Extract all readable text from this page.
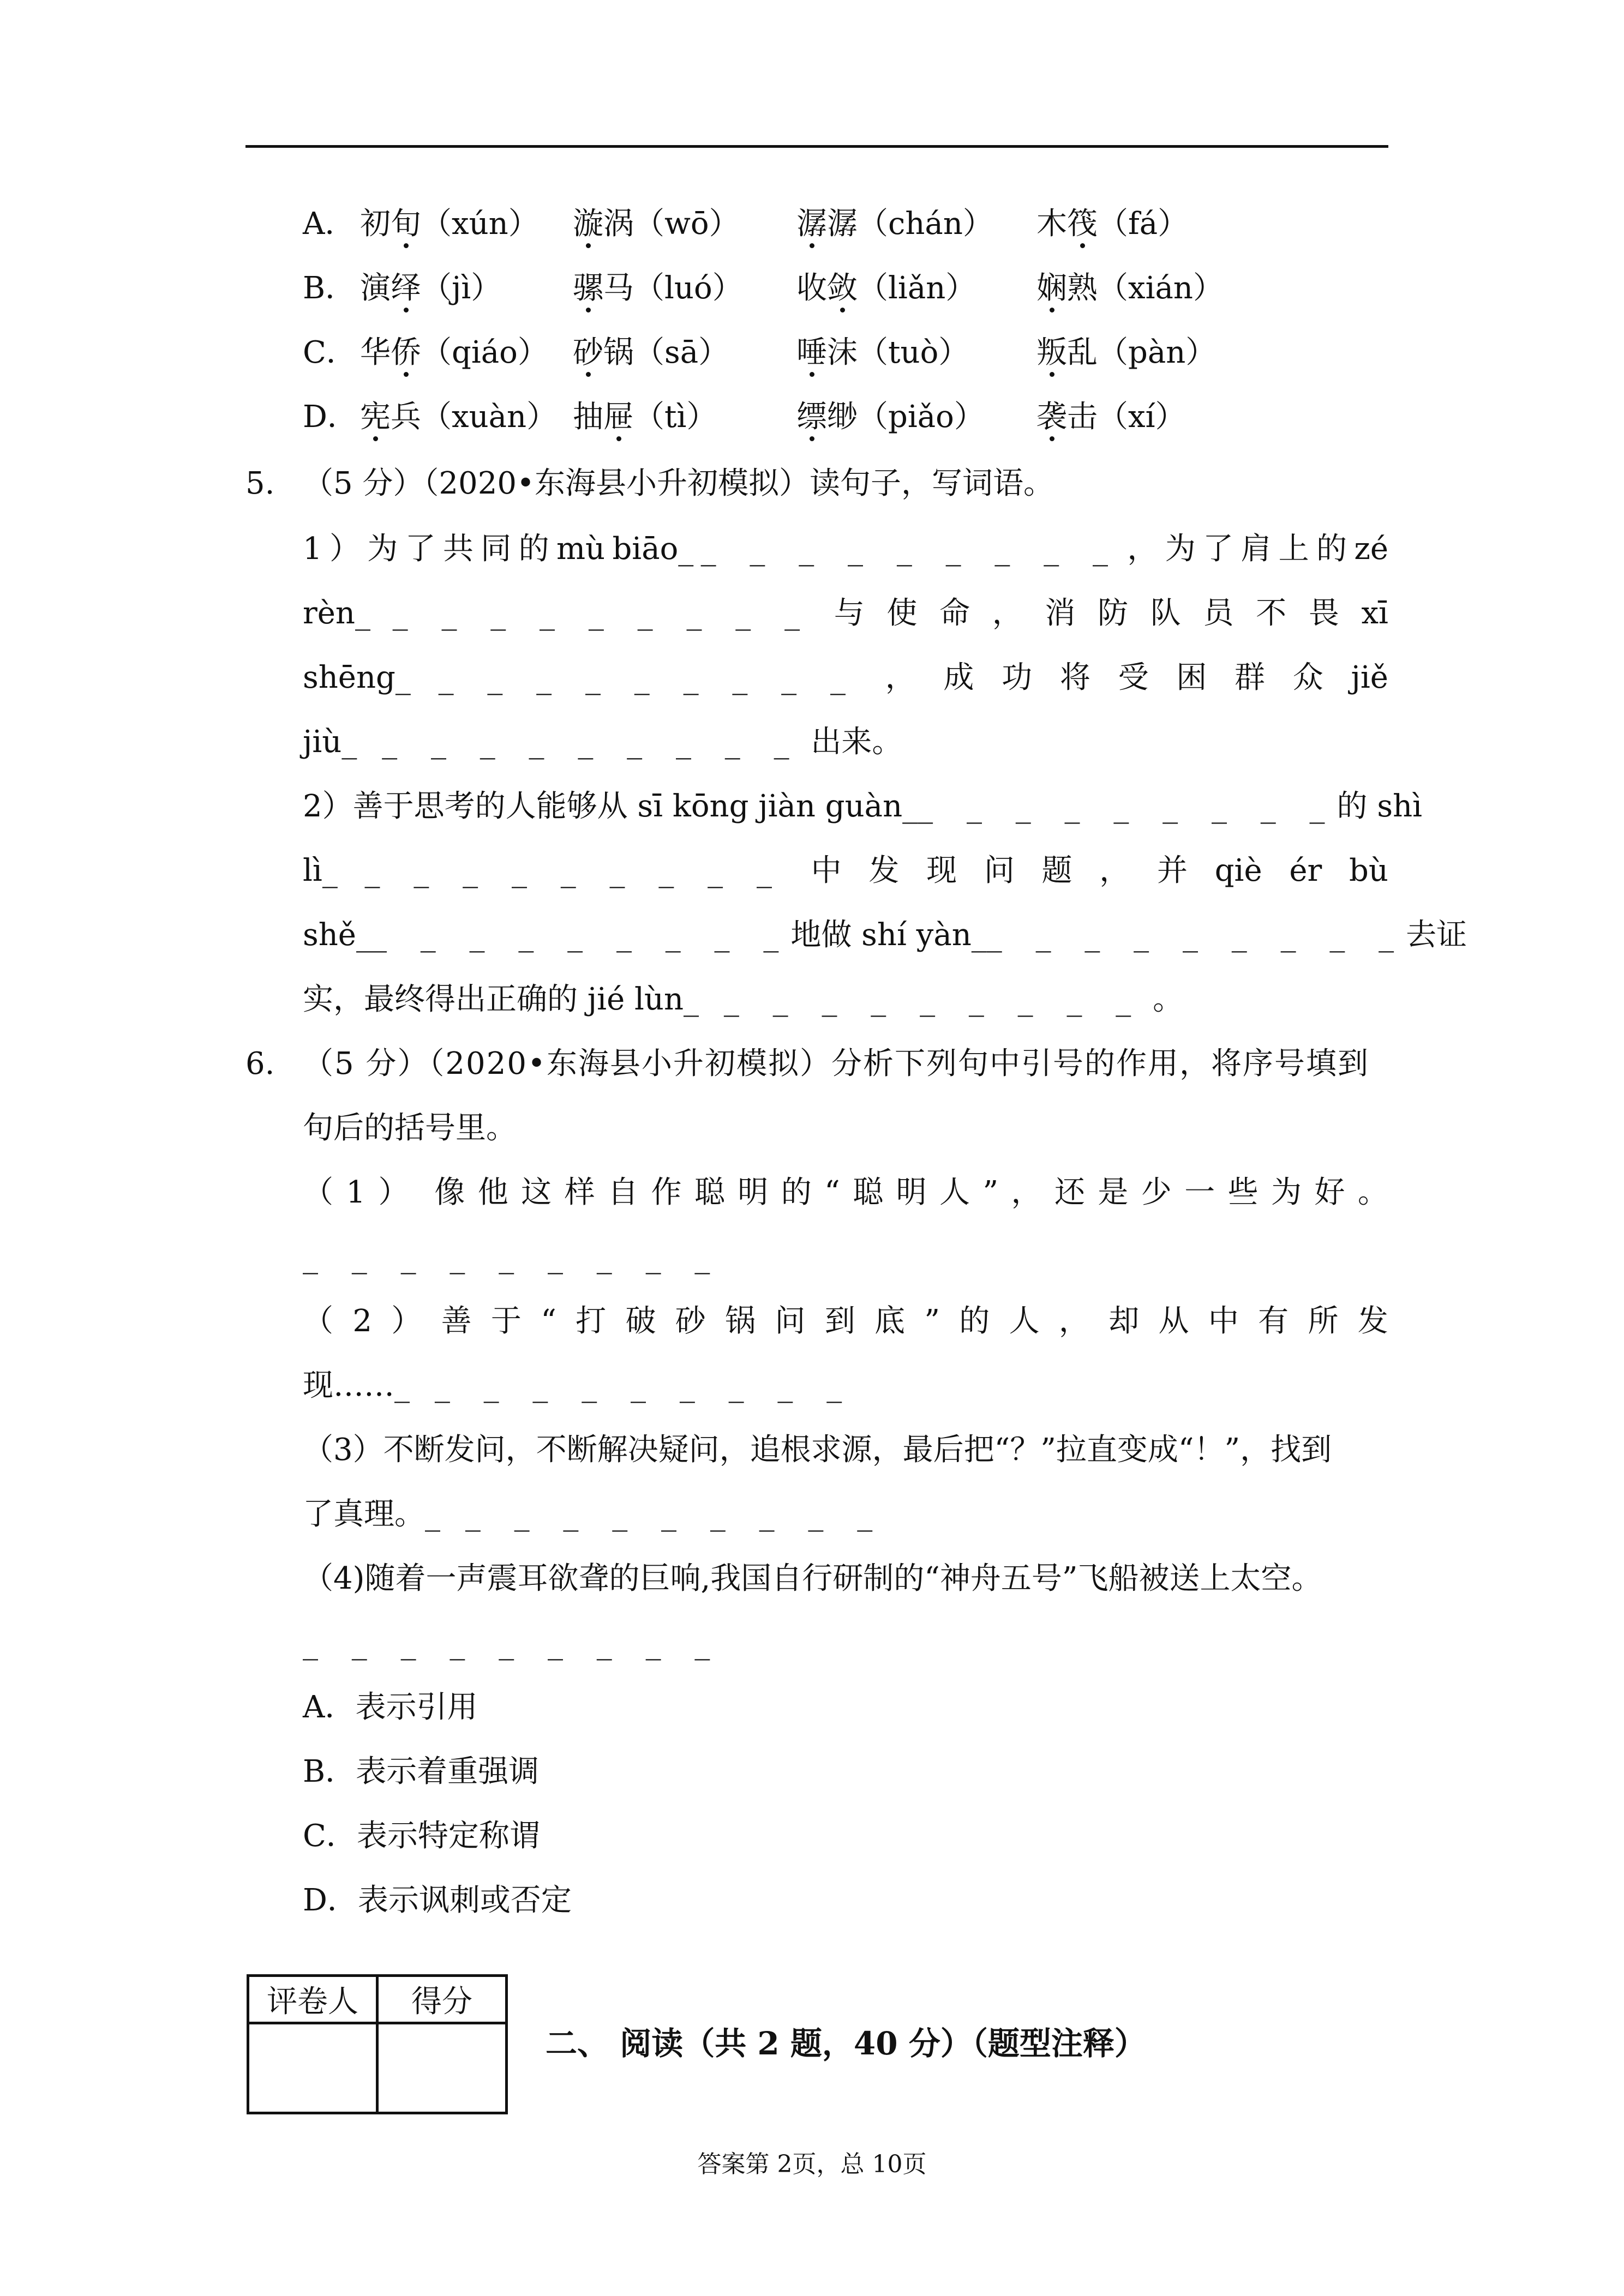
A． 初旬（xún） 漩涡（wō） 潺潺（chán） 木筏（fá）
B． 演绎（jì） 骡马（luó） 收敛（liǎn） 娴熟（xián）
C． 华侨（qiáo） 砂锅（sā） 唾沫（tuò） 叛乱（pàn）
D． 宪兵（xuàn） 抽屉（tì）	缥缈（piǎo） 袭击（xí）
5. （5 分）（2020•东海县小升初模拟）读句子，写词语。
1 ） 为 了 共 同 的 mù biāo_ _ _ _ _ _ _ _ _ _ ， 为 了 肩 上 的 zé
rèn_ _ _ _ _ _ _ _ _ _ 与 使 命 ， 消 防 队 员 不 畏 xī
shēng_ _ _ _ _ _ _ _ _ _ ， 成 功 将 受 困 群 众 jiě
jiù_ _ _ _ _ _ _ _ _ _ 出来。
2）善于思考的人能够从 sī kōng jiàn guàn_ _ _ _ _ _ _ _ _ _ 的 shì
lì_ _ _ _ _ _ _ _ _ _ 中 发 现 问 题 ， 并 qiè ér bù
shě_ _ _ _ _ _ _ _ _ _ 地做 shí yàn_ _ _ _ _ _ _ _ _ _ 去证
实，最终得出正确的 jié lùn_ _ _ _ _ _ _ _ _ _ 。
6. （5 分）（2020•东海县小升初模拟）分析下列句中引号的作用，将序号填到
句后的括号里。
（ 1 ） 像 他 这 样 自 作 聪 明 的 “ 聪 明 人 ” ， 还 是 少 一 些 为 好 。
_ _ _ _ _ _ _ _ _
（ 2 ） 善 于 “ 打 破 砂 锅 问 到 底 ” 的 人 ， 却 从 中 有 所 发
现……_ _ _ _ _ _ _ _ _ _
（3）不断发问，不断解决疑问，追根求源，最后把“？”拉直变成“！”，找到
了真理。_ _ _ _ _ _ _ _ _ _
（4)随着一声震耳欲聋的巨响,我国自行研制的“神舟五号”飞船被送上太空。
_ _ _ _ _ _ _ _ _
A．表示引用
B．表示着重强调
C．表示特定称谓
D．表示讽刺或否定
评卷人	得分

二、 阅读（共 2 题，40 分）（题型注释）
答案第 2页，总 10页
